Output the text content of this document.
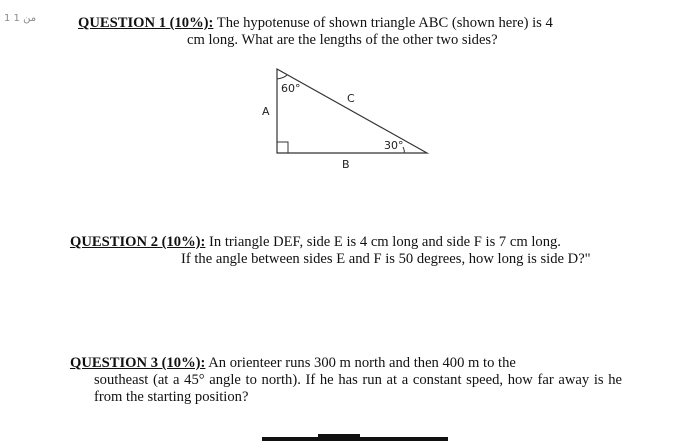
1 من 1	QUESTION 1 (10%): The hypotenuse of shown triangle ABC (shown here) is 4
cm long. What are the lengths of the other two sides?
60°
30°
A
C
B
QUESTION 2 (10%): In triangle DEF, side E is 4 cm long and side F is 7 cm long.
If the angle between sides E and F is 50 degrees, how long is side D?"
QUESTION 3 (10%): An orienteer runs 300 m north and then 400 m to the
southeast (at a 45° angle to north). If he has run at a constant speed, how far away is he from the starting position?
